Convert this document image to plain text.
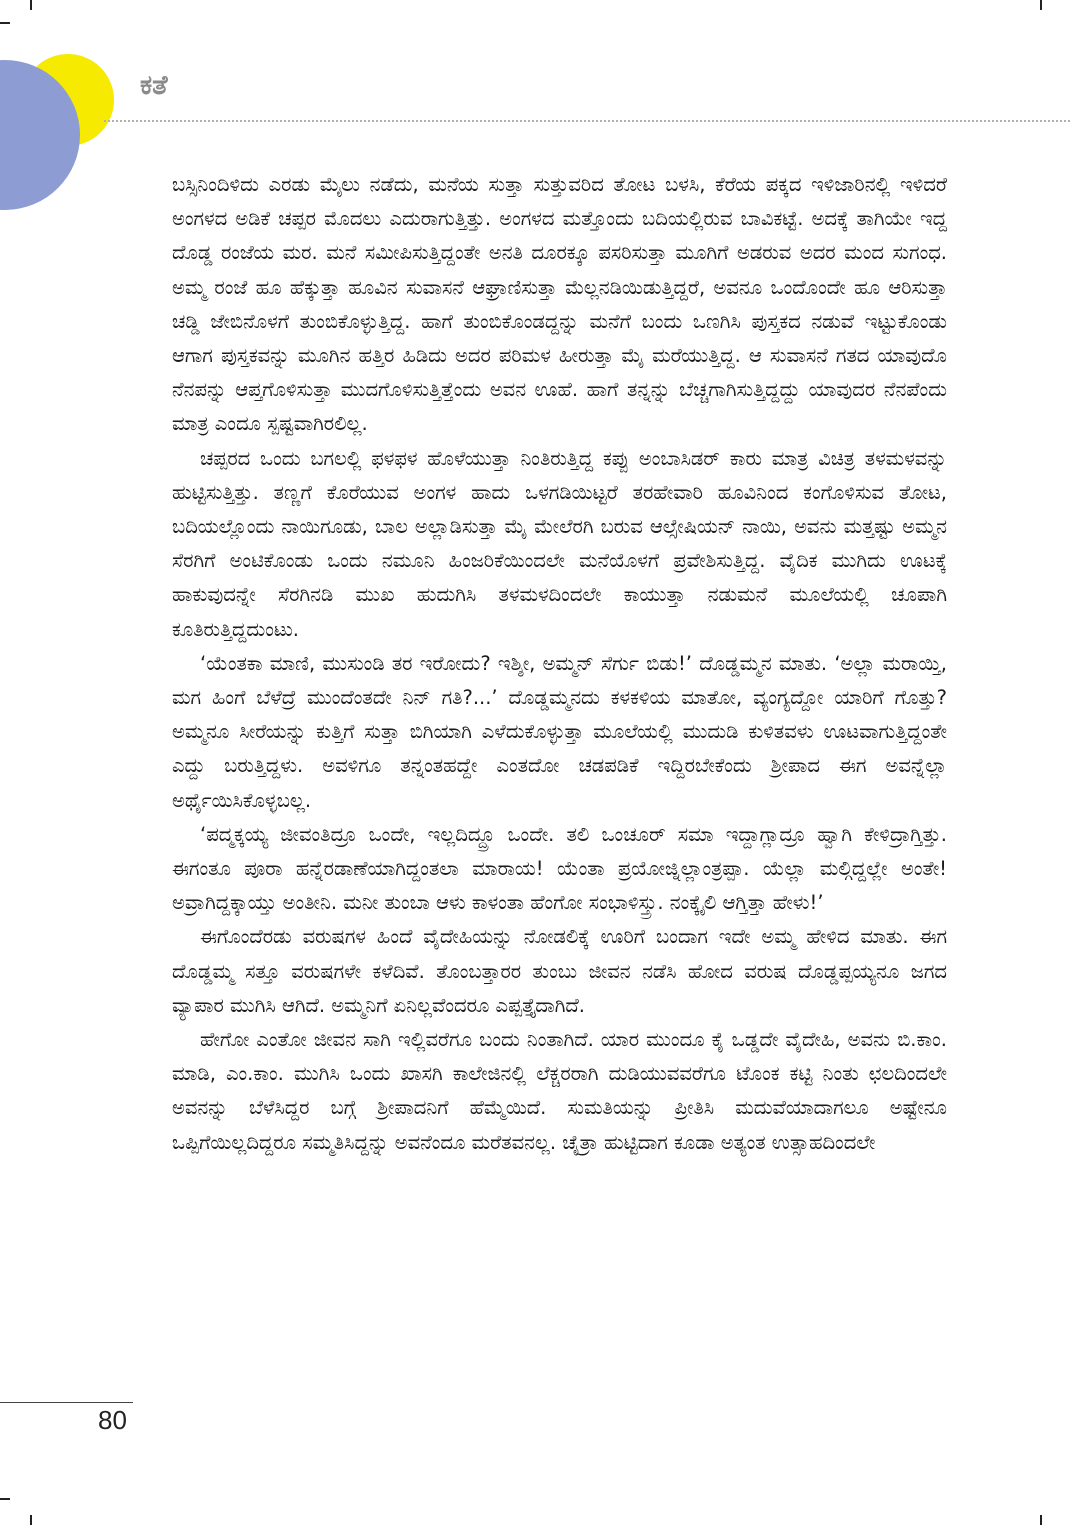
ಕತೆ

ಬಸ್ಸಿನಿಂದಿಳಿದು ಎರಡು ಮೈಲು ನಡೆದು, ಮನೆಯ ಸುತ್ತಾ ಸುತ್ತುವರಿದ ತೋಟ ಬಳಸಿ, ಕೆರೆಯ ಪಕ್ಕದ ಇಳಿಜಾರಿನಲ್ಲಿ ಇಳಿದರೆ ಅಂಗಳದ ಅಡಿಕೆ ಚಪ್ಪರ ಮೊದಲು ಎದುರಾಗುತ್ತಿತ್ತು. ಅಂಗಳದ ಮತ್ತೊಂದು ಬದಿಯಲ್ಲಿರುವ ಬಾವಿಕಟ್ಟೆ. ಅದಕ್ಕೆ ತಾಗಿಯೇ ಇದ್ದ ದೊಡ್ಡ ರಂಜೆಯ ಮರ. ಮನೆ ಸಮೀಪಿಸುತ್ತಿದ್ದಂತೇ ಅನತಿ ದೂರಕ್ಕೂ ಪಸರಿಸುತ್ತಾ ಮೂಗಿಗೆ ಅಡರುವ ಅದರ ಮಂದ ಸುಗಂಧ. ಅಮ್ಮ ರಂಜೆ ಹೂ ಹೆಕ್ಕುತ್ತಾ ಹೂವಿನ ಸುವಾಸನೆ ಆಘ್ರಾಣಿಸುತ್ತಾ ಮೆಲ್ಲನಡಿಯಿಡುತ್ತಿದ್ದರೆ, ಅವನೂ ಒಂದೊಂದೇ ಹೂ ಆರಿಸುತ್ತಾ ಚಡ್ಡಿ ಜೇಬಿನೊಳಗೆ ತುಂಬಿಕೊಳ್ಳುತ್ತಿದ್ದ. ಹಾಗೆ ತುಂಬಿಕೊಂಡದ್ದನ್ನು ಮನೆಗೆ ಬಂದು ಒಣಗಿಸಿ ಪುಸ್ತಕದ ನಡುವೆ ಇಟ್ಟುಕೊಂಡು ಆಗಾಗ ಪುಸ್ತಕವನ್ನು ಮೂಗಿನ ಹತ್ತಿರ ಹಿಡಿದು ಅದರ ಪರಿಮಳ ಹೀರುತ್ತಾ ಮೈ ಮರೆಯುತ್ತಿದ್ದ. ಆ ಸುವಾಸನೆ ಗತದ ಯಾವುದೊ ನೆನಪನ್ನು ಆಪ್ತಗೊಳಿಸುತ್ತಾ ಮುದಗೊಳಿಸುತ್ತಿತ್ತೆಂದು ಅವನ ಊಹೆ. ಹಾಗೆ ತನ್ನನ್ನು ಬೆಚ್ಚಗಾಗಿಸುತ್ತಿದ್ದದ್ದು ಯಾವುದರ ನೆನಪೆಂದು ಮಾತ್ರ ಎಂದೂ ಸ್ಪಷ್ಟವಾಗಿರಲಿಲ್ಲ.

ಚಪ್ಪರದ ಒಂದು ಬಗಲಲ್ಲಿ ಫಳಫಳ ಹೊಳೆಯುತ್ತಾ ನಿಂತಿರುತ್ತಿದ್ದ ಕಪ್ಪು ಅಂಬಾಸಿಡರ್ ಕಾರು ಮಾತ್ರ ವಿಚಿತ್ರ ತಳಮಳವನ್ನು ಹುಟ್ಟಿಸುತ್ತಿತ್ತು. ತಣ್ಣಗೆ ಕೊರೆಯುವ ಅಂಗಳ ಹಾದು ಒಳಗಡಿಯಿಟ್ಟರೆ ತರಹೇವಾರಿ ಹೂವಿನಿಂದ ಕಂಗೊಳಿಸುವ ತೋಟ, ಬದಿಯಲ್ಲೊಂದು ನಾಯಿಗೂಡು, ಬಾಲ ಅಲ್ಲಾಡಿಸುತ್ತಾ ಮೈ ಮೇಲೆರಗಿ ಬರುವ ಆಲ್ಸೇಷಿಯನ್ ನಾಯಿ, ಅವನು ಮತ್ತಷ್ಟು ಅಮ್ಮನ ಸೆರಗಿಗೆ ಅಂಟಿಕೊಂಡು ಒಂದು ನಮೂನಿ ಹಿಂಜರಿಕೆಯಿಂದಲೇ ಮನೆಯೊಳಗೆ ಪ್ರವೇಶಿಸುತ್ತಿದ್ದ. ವೈದಿಕ ಮುಗಿದು ಊಟಕ್ಕೆ ಹಾಕುವುದನ್ನೇ ಸೆರಗಿನಡಿ ಮುಖ ಹುದುಗಿಸಿ ತಳಮಳದಿಂದಲೇ ಕಾಯುತ್ತಾ ನಡುಮನೆ ಮೂಲೆಯಲ್ಲಿ ಚೂಪಾಗಿ ಕೂತಿರುತ್ತಿದ್ದದುಂಟು.

‘ಯೆಂತಕಾ ಮಾಣಿ, ಮುಸುಂಡಿ ತರ ಇರೋದು? ಇಶ್ಶೀ, ಅಮ್ಮನ್ ಸೆರ್ಗು ಬಿಡು!’ ದೊಡ್ಡಮ್ಮನ ಮಾತು. ‘ಅಲ್ಲಾ ಮರಾಯ್ತಿ, ಮಗ ಹಿಂಗೆ ಬೆಳೆದ್ರೆ ಮುಂದೆಂತದೇ ನಿನ್ ಗತಿ?...’ ದೊಡ್ಡಮ್ಮನದು ಕಳಕಳಿಯ ಮಾತೋ, ವ್ಯಂಗ್ಯದ್ದೋ ಯಾರಿಗೆ ಗೊತ್ತು? ಅಮ್ಮನೂ ಸೀರೆಯನ್ನು ಕುತ್ತಿಗೆ ಸುತ್ತಾ ಬಿಗಿಯಾಗಿ ಎಳೆದುಕೊಳ್ಳುತ್ತಾ ಮೂಲೆಯಲ್ಲಿ ಮುದುಡಿ ಕುಳಿತವಳು ಊಟವಾಗುತ್ತಿದ್ದಂತೇ ಎದ್ದು ಬರುತ್ತಿದ್ದಳು. ಅವಳಿಗೂ ತನ್ನಂತಹದ್ದೇ ಎಂತದೋ ಚಡಪಡಿಕೆ ಇದ್ದಿರಬೇಕೆಂದು ಶ್ರೀಪಾದ ಈಗ ಅವನ್ನೆಲ್ಲಾ ಅರ್ಥೈಯಿಸಿಕೊಳ್ಳಬಲ್ಲ.

‘ಪದ್ಮಕ್ಕಯ್ಯ ಜೀವಂತಿದ್ರೂ ಒಂದೇ, ಇಲ್ಲದಿದ್ದ್ರೂ ಒಂದೇ. ತಲಿ ಒಂಚೂರ್ ಸಮಾ ಇದ್ದಾಗ್ಲಾದ್ರೂ ಹ್ವಾಗಿ ಕೇಳಿದ್ರಾಗ್ತಿತ್ತು. ಈಗಂತೂ ಪೂರಾ ಹನ್ನೆರಡಾಣೆಯಾಗಿದ್ದಂತಲಾ ಮಾರಾಯ! ಯೆಂತಾ ಪ್ರಯೋಜ್ನಿಲ್ಲಾಂತ್ರಪ್ಪಾ. ಯೆಲ್ಲಾ ಮಲ್ಗಿದ್ದಲ್ಲೇ ಅಂತೇ! ಅವ್ರಾಗಿದ್ದಕ್ಕಾಯ್ತು ಅಂತೀನಿ. ಮನೀ ತುಂಬಾ ಆಳು ಕಾಳಂತಾ ಹೆಂಗೋ ಸಂಭಾಳಿಸ್ತ್ರು. ನಂಕ್ಕೈಲಿ ಆಗ್ತಿತ್ತಾ ಹೇಳು!’

ಈಗೊಂದೆರಡು ವರುಷಗಳ ಹಿಂದೆ ವೈದೇಹಿಯನ್ನು ನೋಡಲಿಕ್ಕೆ ಊರಿಗೆ ಬಂದಾಗ ಇದೇ ಅಮ್ಮ ಹೇಳಿದ ಮಾತು. ಈಗ ದೊಡ್ಡಮ್ಮ ಸತ್ತೂ ವರುಷಗಳೇ ಕಳೆದಿವೆ. ತೊಂಬತ್ತಾರರ ತುಂಬು ಜೀವನ ನಡೆಸಿ ಹೋದ ವರುಷ ದೊಡ್ಡಪ್ಪಯ್ಯನೂ ಜಗದ ವ್ಯಾಪಾರ ಮುಗಿಸಿ ಆಗಿದೆ. ಅಮ್ಮನಿಗೆ ಏನಿಲ್ಲವೆಂದರೂ ಎಪ್ಪತ್ತೈದಾಗಿದೆ.

ಹೇಗೋ ಎಂತೋ ಜೀವನ ಸಾಗಿ ಇಲ್ಲಿವರೆಗೂ ಬಂದು ನಿಂತಾಗಿದೆ. ಯಾರ ಮುಂದೂ ಕೈ ಒಡ್ಡದೇ ವೈದೇಹಿ, ಅವನು ಬಿ.ಕಾಂ. ಮಾಡಿ, ಎಂ.ಕಾಂ. ಮುಗಿಸಿ ಒಂದು ಖಾಸಗಿ ಕಾಲೇಜಿನಲ್ಲಿ ಲೆಕ್ಚರರಾಗಿ ದುಡಿಯುವವರೆಗೂ ಟೊಂಕ ಕಟ್ಟಿ ನಿಂತು ಛಲದಿಂದಲೇ ಅವನನ್ನು ಬೆಳೆಸಿದ್ದರ ಬಗ್ಗೆ ಶ್ರೀಪಾದನಿಗೆ ಹೆಮ್ಮೆಯಿದೆ. ಸುಮತಿಯನ್ನು ಪ್ರೀತಿಸಿ ಮದುವೆಯಾದಾಗಲೂ ಅಷ್ಟೇನೂ ಒಪ್ಪಿಗೆಯಿಲ್ಲದಿದ್ದರೂ ಸಮ್ಮತಿಸಿದ್ದನ್ನು ಅವನೆಂದೂ ಮರೆತವನಲ್ಲ. ಚೈತ್ರಾ ಹುಟ್ಟಿದಾಗ ಕೂಡಾ ಅತ್ಯಂತ ಉತ್ಸಾಹದಿಂದಲೇ

80
